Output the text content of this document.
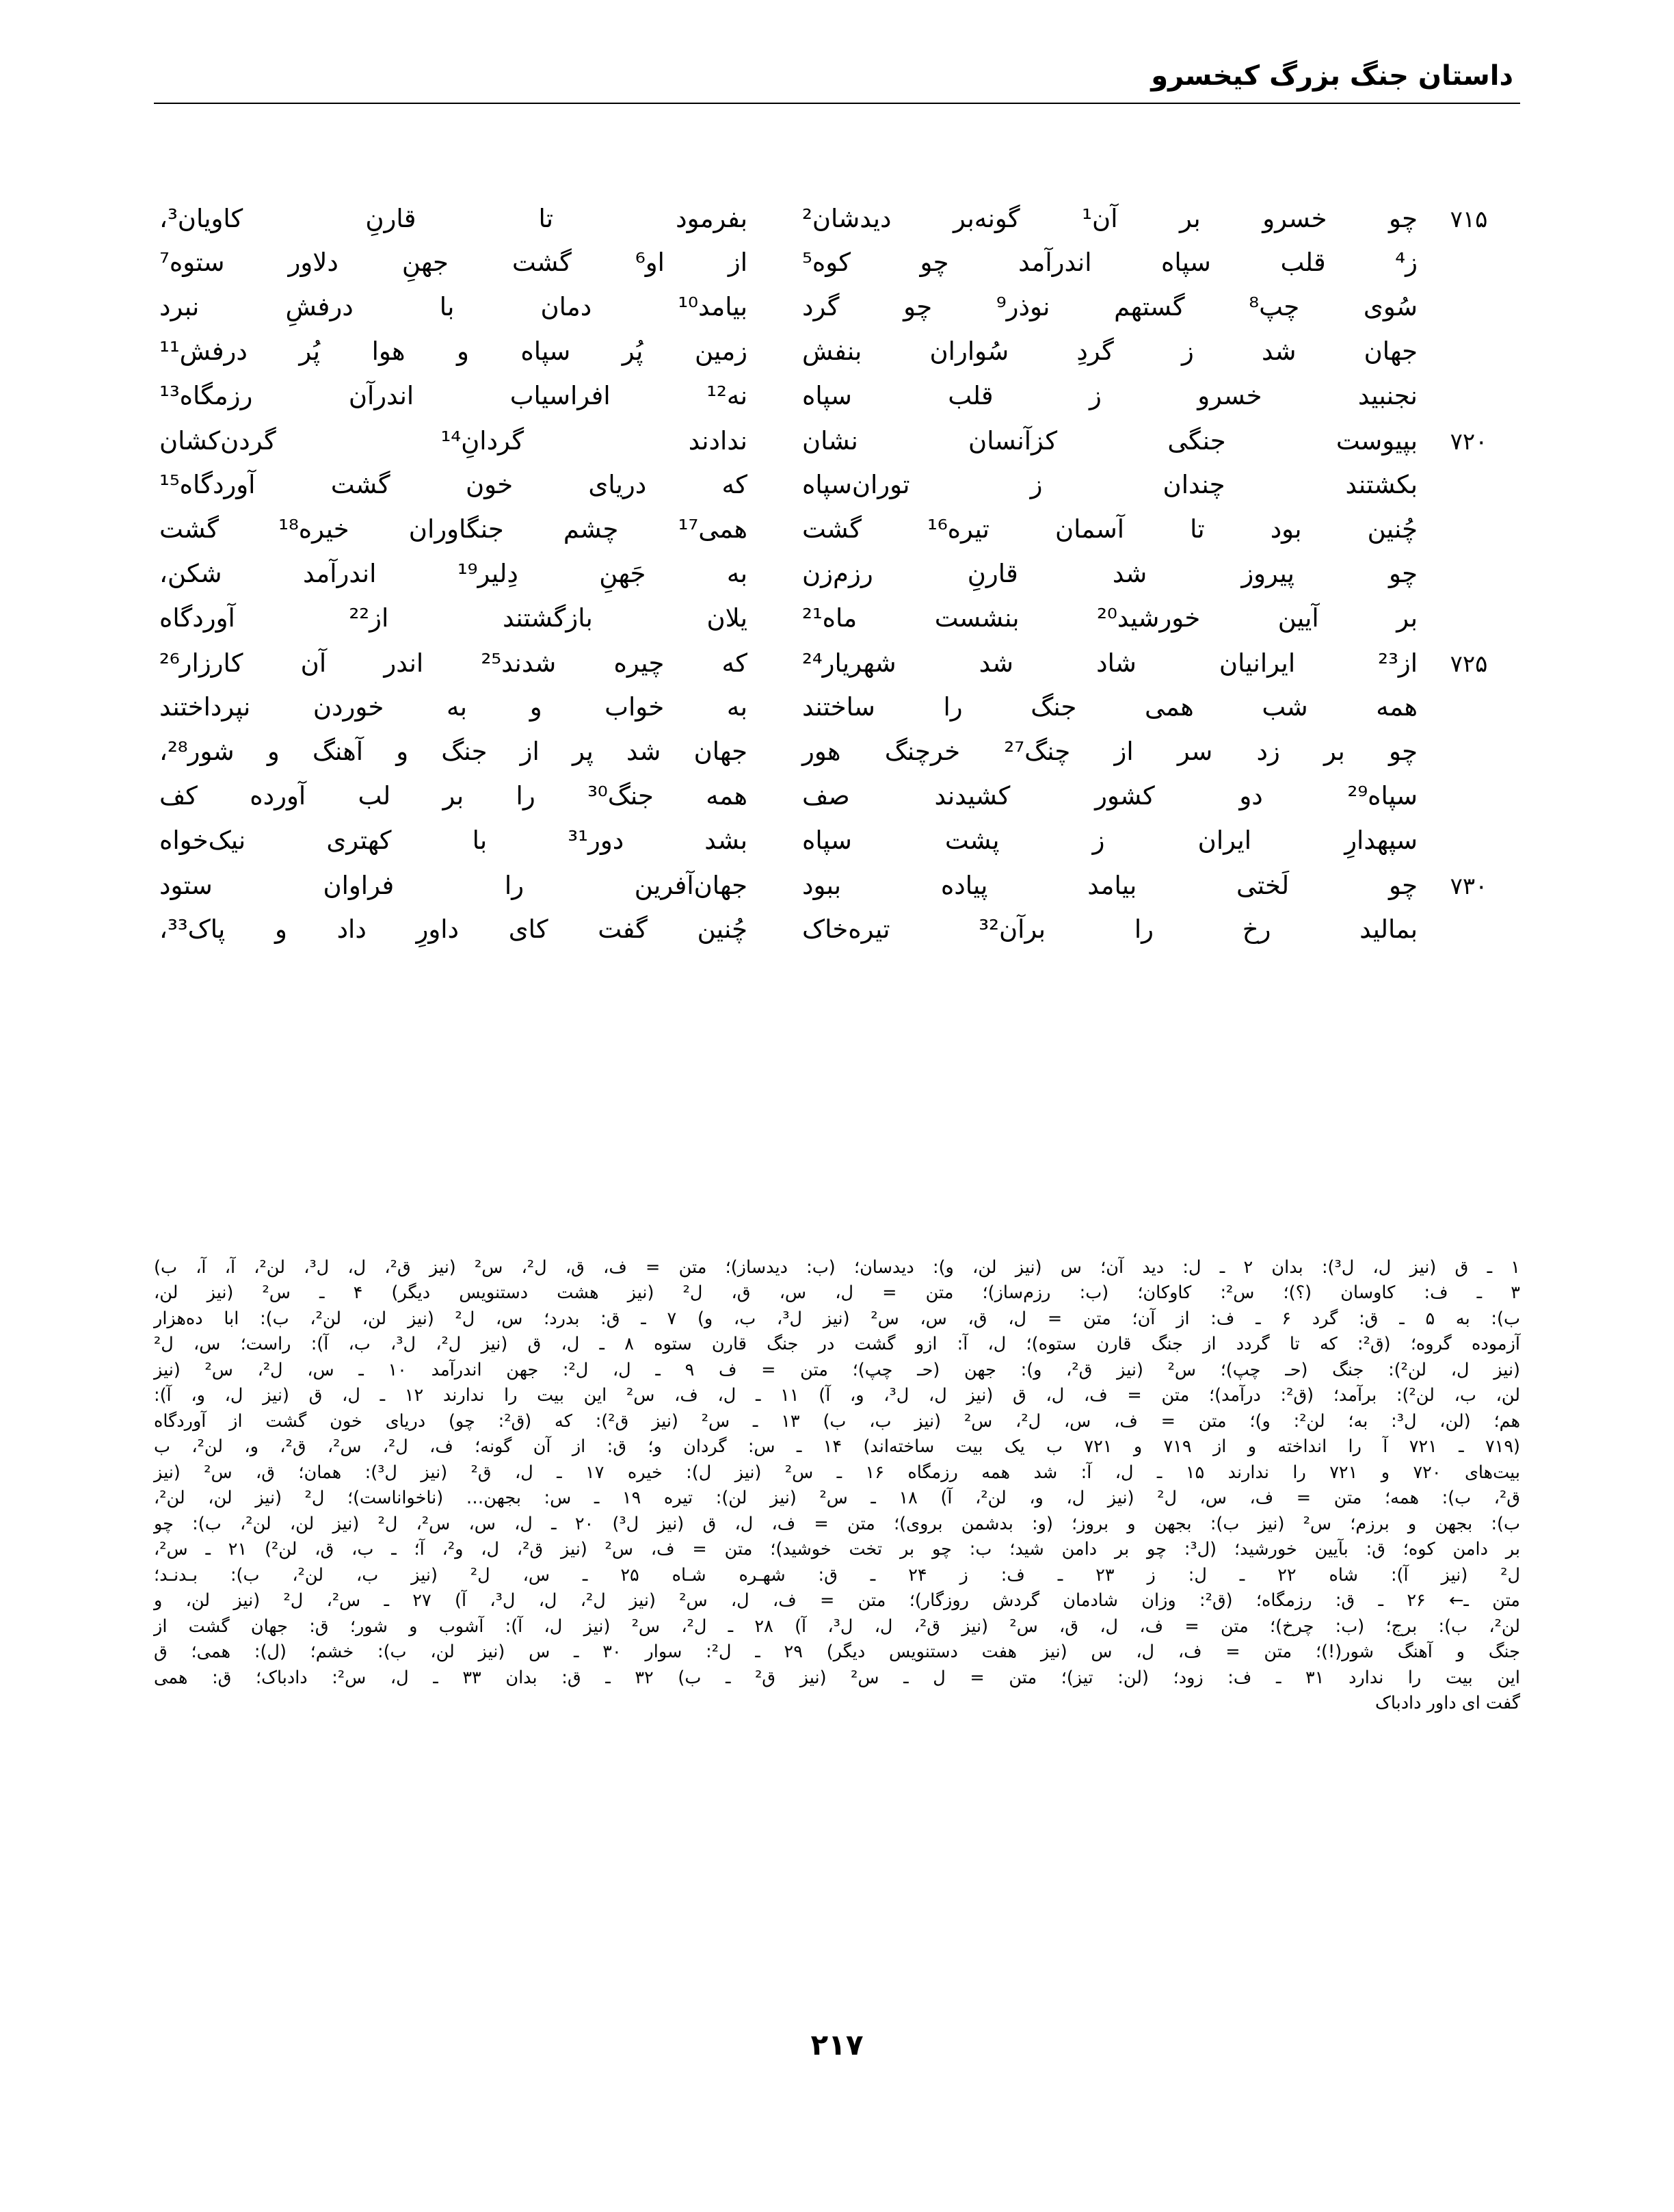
داستان جنگ بزرگ کیخسرو
۷۱۵
چو خسرو بر آن¹ گونه‌بر دیدشان²
بفرمود تا قارنِ کاویان³،
ز⁴ قلب سپاه اندرآمد چو کوه⁵
از او⁶ گشت جهنِ دلاور ستوه⁷
سُوی چپ⁸ گستهم نوذر⁹ چو گرد
بیامد¹⁰ دمان با درفشِ نبرد
جهان شد ز گردِ سُواران بنفش
زمین پُر سپاه و هوا پُر درفش¹¹
نجنبید خسرو ز قلب سپاه
نه¹² افراسیاب اندرآن رزمگاه¹³
۷۲۰
بپیوست جنگی کزآنسان نشان
ندادند گردانِ¹⁴ گردن‌کشان
بکشتند چندان ز توران‌سپاه
که دریای خون گشت آوردگاه¹⁵
چُنین بود تا آسمان تیره¹⁶ گشت
همی¹⁷ چشم جنگاوران خیره¹⁸ گشت
چو پیروز شد قارنِ رزم‌زن
به جَهنِ دِلیر¹⁹ اندرآمد شکن،
بر آیین خورشید²⁰ بنشست ماه²¹
یلان بازگشتند از²² آوردگاه
۷۲۵
از²³ ایرانیان شاد شد شهریار²⁴
که چیره شدند²⁵ اندر آن کارزار²⁶
همه شب همی جنگ را ساختند
به خواب و به خوردن نپرداختند
چو بر زد سر از چنگ²⁷ خرچنگ هور
جهان شد پر از جنگ و آهنگ و شور²⁸،
سپاه²⁹ دو کشور کشیدند صف
همه جنگ³⁰ را بر لب آورده کف
سپهدارِ ایران ز پشت سپاه
بشد دور³¹ با کهتری نیک‌خواه
۷۳۰
چو لَختی بیامد پیاده ببود
جهان‌آفرین را فراوان ستود
بمالید رخ را برآن³² تیره‌خاک
چُنین گفت کای داورِ داد و پاک³³،

۱ ـ ق (نیز ل، ل³): بدان ۲ ـ ل: دید آن؛ س (نیز لن، و): دیدسان؛ (ب: دیدساز)؛ متن = ف، ق، ل²، س² (نیز ق²، ل، ل³، لن²، آ، آ، ب)

۳ ـ ف: کاوسان (؟)؛ س²: کاوکان؛ (ب: رزم‌ساز)؛ متن = ل، س، ق، ل² (نیز هشت دستنویس دیگر) ۴ ـ س² (نیز لن،

ب): به ۵ ـ ق: گرد ۶ ـ ف: از آن؛ متن = ل، ق، س، س² (نیز ل³، ب، و) ۷ ـ ق: بدرد؛ س، ل² (نیز لن، لن²، ب): ابا ده‌هزار

آزموده گروه؛ (ق²: که تا گردد از جنگ قارن ستوه)؛ ل، آ: ازو گشت در جنگ قارن ستوه ۸ ـ ل، ق (نیز ل²، ل³، ب، آ): راست؛ س، ل²

(نیز ل، لن²): جنگ (حـ چپ)؛ س² (نیز ق²، و): جهن (حـ چپ)؛ متن = ف ۹ ـ ل، ل²: جهن اندرآمد ۱۰ ـ س، ل²، س² (نیز

لن، ب، لن²): برآمد؛ (ق²: درآمد)؛ متن = ف، ل، ق (نیز ل، ل³، و، آ) ۱۱ ـ ل، ف، س² این بیت را ندارند ۱۲ ـ ل، ق (نیز ل، و، آ):

هم؛ (لن، ل³: به؛ لن²: و)؛ متن = ف، س، ل²، س² (نیز ب، ب) ۱۳ ـ س² (نیز ق²): که (ق²: چو) دریای خون گشت از آوردگاه

(۷۱۹ ـ ۷۲۱ آ را انداخته و از ۷۱۹ و ۷۲۱ ب یک بیت ساخته‌اند) ۱۴ ـ س: گردان و؛ ق: از آن گونه؛ ف، ل²، س²، ق²، و، لن²، ب

بیت‌های ۷۲۰ و ۷۲۱ را ندارند ۱۵ ـ ل، آ: شد همه رزمگاه ۱۶ ـ س² (نیز ل): خیره ۱۷ ـ ل، ق² (نیز ل³): همان؛ ق، س² (نیز

ق²، ب): همه؛ متن = ف، س، ل² (نیز ل، و، لن²، آ) ۱۸ ـ س² (نیز لن): تیره ۱۹ ـ س: بجهن… (ناخواناست)؛ ل² (نیز لن، لن²،

ب): بجهن و برزم؛ س² (نیز ب): بجهن و بروز؛ (و: بدشمن بروی)؛ متن = ف، ل، ق (نیز ل³) ۲۰ ـ ل، س، س²، ل² (نیز لن، لن²، ب): چو

بر دامن کوه؛ ق: بآیین خورشید؛ (ل³: چو بر دامن شید؛ ب: چو بر تخت خوشید)؛ متن = ف، س² (نیز ق²، ل، و²، آ؛ ـ ب، ق، لن²) ۲۱ ـ س²،

ل² (نیز آ): شاه ۲۲ ـ ل: ز ۲۳ ـ ف: ز ۲۴ ـ ق: شهـره شـاه ۲۵ ـ س، ل² (نیز ب، لن²، ب): بـدنـد؛

متن ـ← ۲۶ ـ ق: رزمگاه؛ (ق²: وزان شادمان گردش روزگار)؛ متن = ف، ل، س² (نیز ل²، ل، ل³، آ) ۲۷ ـ س²، ل² (نیز لن، و

لن²، ب): برج؛ (ب: چرخ)؛ متن = ف، ل، ق، س² (نیز ق²، ل، ل³، آ) ۲۸ ـ ل²، س² (نیز ل، آ): آشوب و شور؛ ق: جهان گشت از

جنگ و آهنگ شور(!)؛ متن = ف، ل، س (نیز هفت دستنویس دیگر) ۲۹ ـ ل²: سوار ۳۰ ـ س (نیز لن، ب): خشم؛ (ل): همی؛ ق

این بیت را ندارد ۳۱ ـ ف: زود؛ (لن: تیز)؛ متن = ل ـ س² (نیز ق² ـ ب) ۳۲ ـ ق: بدان ۳۳ ـ ل، س²: دادباک؛ ق: همی

گفت ای داور دادباک

۲۱۷
